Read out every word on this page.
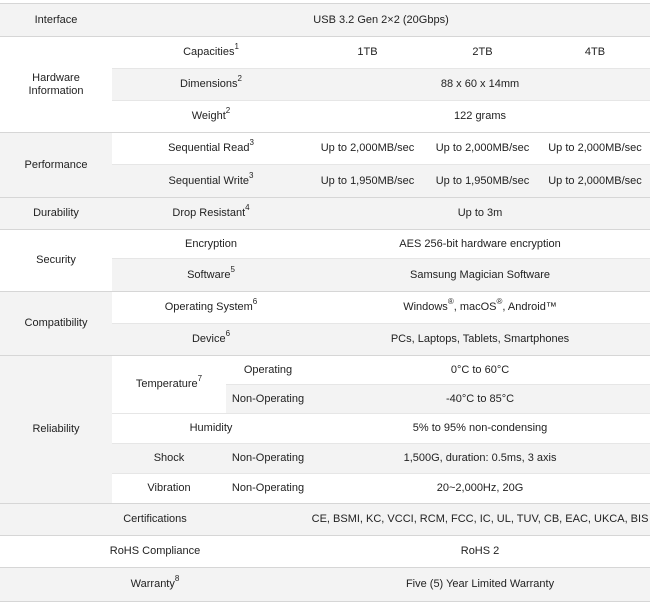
Interface	USB 3.2 Gen 2×2 (20Gbps)				
Hardware Information	Capacities$^1$		1TB	2TB	4TB
	Dimensions$^2$		88 x 60 x 14mm		
	Weight$^2$		122 grams		
Performance	Sequential Read$^3$		Up to 2,000MB/sec	Up to 2,000MB/sec	Up to 2,000MB/sec
	Sequential Write$^3$		Up to 1,950MB/sec	Up to 1,950MB/sec	Up to 2,000MB/sec
Durability	Drop Resistant$^4$		Up to 3m		
Security	Encryption		AES 256-bit hardware encryption		
	Software$^5$		Samsung Magician Software		
Compatibility	Operating System$^6$		Windows®, macOS®, Android™		
	Device$^6$		PCs, Laptops, Tablets, Smartphones		
Reliability	Temperature$^7$	Operating	0°C to 60°C		
		Non-Operating	-40°C to 85°C		
	Humidity		5% to 95% non-condensing		
	Shock	Non-Operating	1,500G, duration: 0.5ms, 3 axis		
	Vibration	Non-Operating	20~2,000Hz, 20G		
Certifications			CE, BSMI, KC, VCCI, RCM, FCC, IC, UL, TUV, CB, EAC, UKCA, BIS		
RoHS Compliance			RoHS 2		
Warranty$^8$			Five (5) Year Limited Warranty		
